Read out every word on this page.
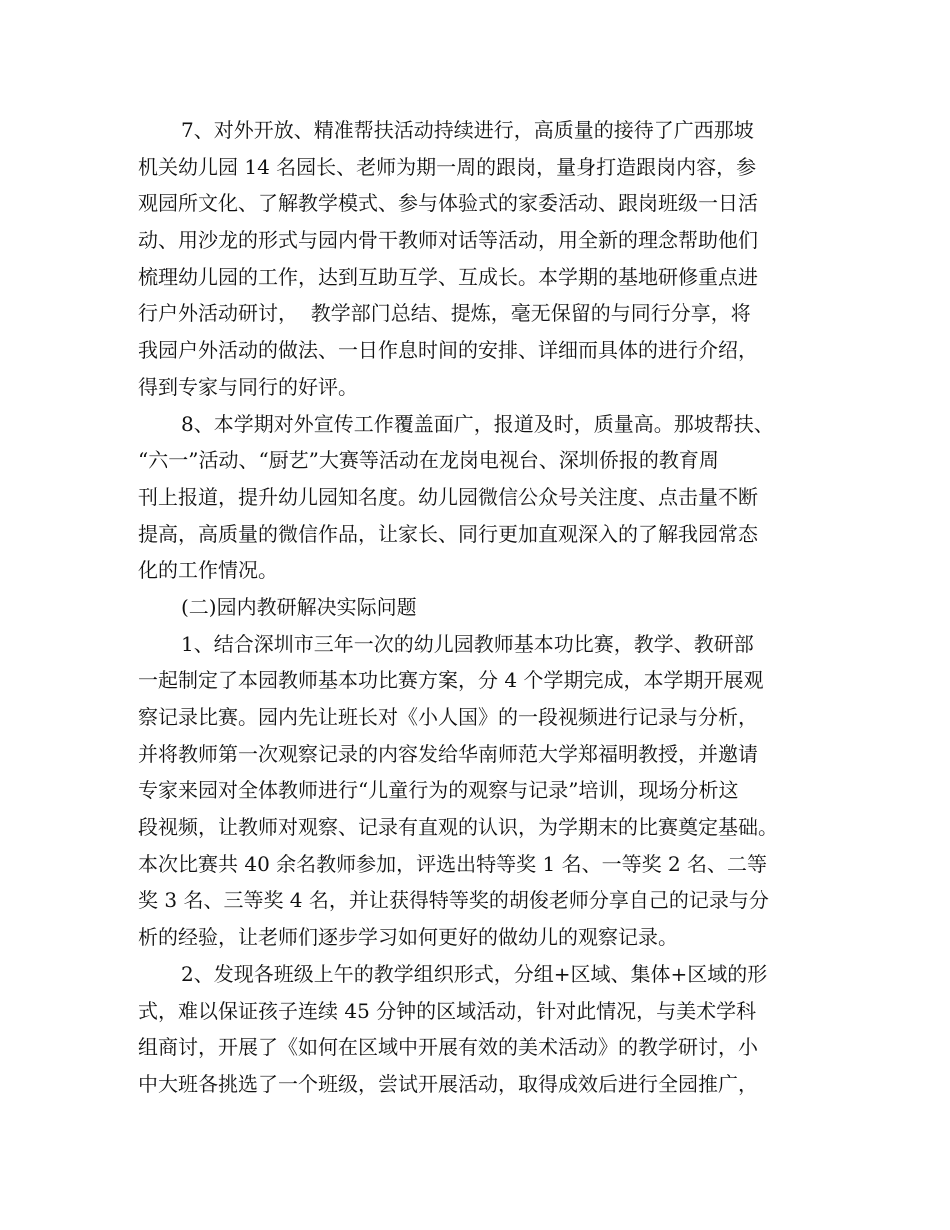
7、对外开放、精准帮扶活动持续进行，高质量的接待了广西那坡
机关幼儿园 14 名园长、老师为期一周的跟岗，量身打造跟岗内容，参
观园所文化、了解教学模式、参与体验式的家委活动、跟岗班级一日活
动、用沙龙的形式与园内骨干教师对话等活动，用全新的理念帮助他们
梳理幼儿园的工作，达到互助互学、互成长。本学期的基地研修重点进
行户外活动研讨，  教学部门总结、提炼，毫无保留的与同行分享，将
我园户外活动的做法、一日作息时间的安排、详细而具体的进行介绍，
得到专家与同行的好评。
8、本学期对外宣传工作覆盖面广，报道及时，质量高。那坡帮扶、
“六一”活动、“厨艺”大赛等活动在龙岗电视台、深圳侨报的教育周
刊上报道，提升幼儿园知名度。幼儿园微信公众号关注度、点击量不断
提高，高质量的微信作品，让家长、同行更加直观深入的了解我园常态
化的工作情况。
(二)园内教研解决实际问题
1、结合深圳市三年一次的幼儿园教师基本功比赛，教学、教研部
一起制定了本园教师基本功比赛方案，分 4 个学期完成，本学期开展观
察记录比赛。园内先让班长对《小人国》的一段视频进行记录与分析，
并将教师第一次观察记录的内容发给华南师范大学郑福明教授，并邀请
专家来园对全体教师进行“儿童行为的观察与记录”培训，现场分析这
段视频，让教师对观察、记录有直观的认识，为学期末的比赛奠定基础。
本次比赛共 40 余名教师参加，评选出特等奖 1 名、一等奖 2 名、二等
奖 3 名、三等奖 4 名，并让获得特等奖的胡俊老师分享自己的记录与分
析的经验，让老师们逐步学习如何更好的做幼儿的观察记录。
2、发现各班级上午的教学组织形式，分组+区域、集体+区域的形
式，难以保证孩子连续 45 分钟的区域活动，针对此情况，与美术学科
组商讨，开展了《如何在区域中开展有效的美术活动》的教学研讨，小
中大班各挑选了一个班级，尝试开展活动，取得成效后进行全园推广，
